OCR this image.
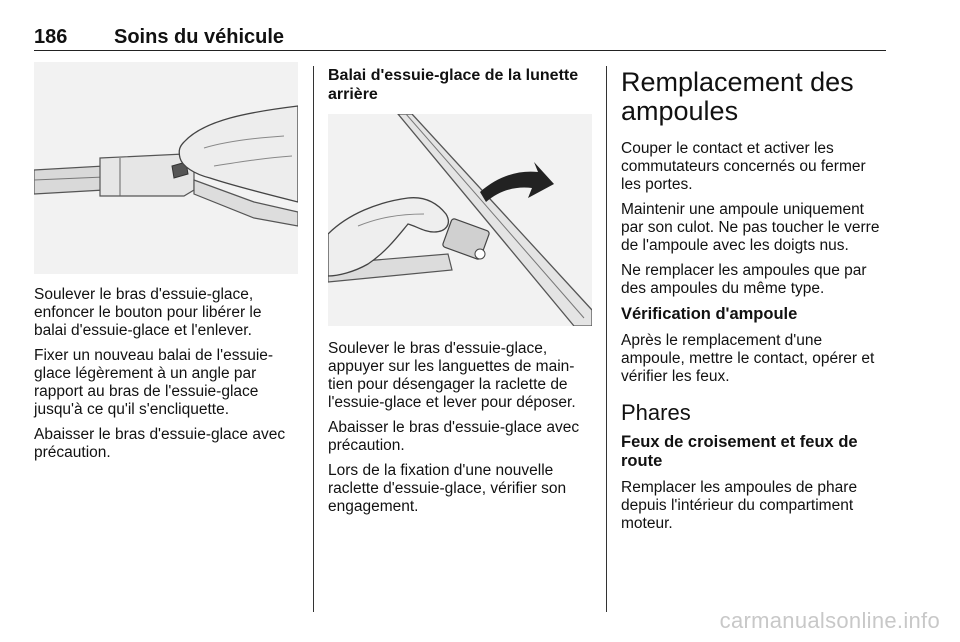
186 Soins du véhicule

Soulever le bras d'essuie-glace, enfoncer le bouton pour libérer le balai d'essuie-glace et l'enlever.

Fixer un nouveau balai de l'essuie-glace légèrement à un angle par rapport au bras de l'essuie-glace jusqu'à ce qu'il s'encliquette.

Abaisser le bras d'essuie-glace avec précaution.

Balai d'essuie-glace de la lunette arrière

Soulever le bras d'essuie-glace, appuyer sur les languettes de main-tien pour désengager la raclette de l'essuie-glace et lever pour déposer.

Abaisser le bras d'essuie-glace avec précaution.

Lors de la fixation d'une nouvelle raclette d'essuie-glace, vérifier son engagement.

Remplacement des ampoules

Couper le contact et activer les commutateurs concernés ou fermer les portes.

Maintenir une ampoule uniquement par son culot. Ne pas toucher le verre de l'ampoule avec les doigts nus.

Ne remplacer les ampoules que par des ampoules du même type.

Vérification d'ampoule

Après le remplacement d'une ampoule, mettre le contact, opérer et vérifier les feux.

Phares
Feux de croisement et feux de route

Remplacer les ampoules de phare depuis l'intérieur du compartiment moteur.

carmanualsonline.info
